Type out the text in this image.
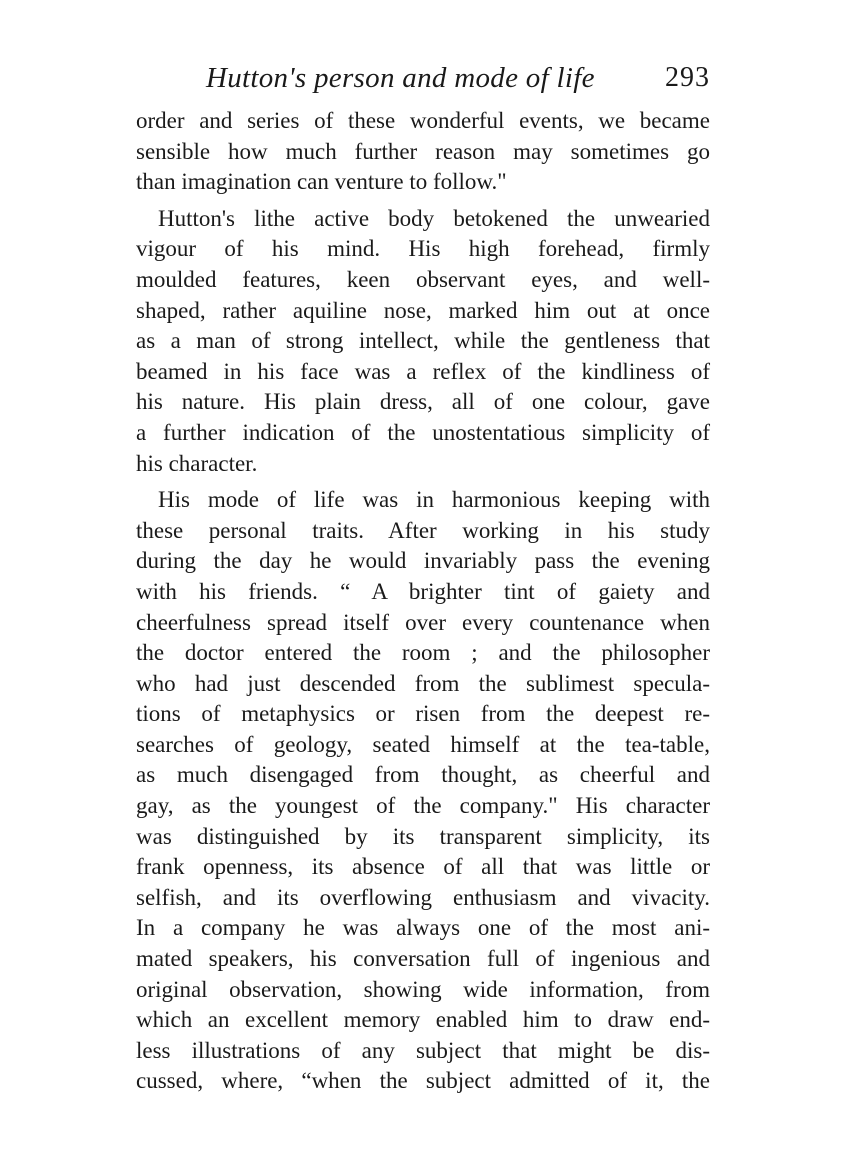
Hutton's person and mode of life	293
order and series of these wonderful events, we became
sensible how much further reason may sometimes go
than imagination can venture to follow."
Hutton's lithe active body betokened the unwearied
vigour of his mind. His high forehead, firmly
moulded features, keen observant eyes, and well-
shaped, rather aquiline nose, marked him out at once
as a man of strong intellect, while the gentleness that
beamed in his face was a reflex of the kindliness of
his nature. His plain dress, all of one colour, gave
a further indication of the unostentatious simplicity of
his character.
His mode of life was in harmonious keeping with
these personal traits. After working in his study
during the day he would invariably pass the evening
with his friends. “ A brighter tint of gaiety and
cheerfulness spread itself over every countenance when
the doctor entered the room ; and the philosopher
who had just descended from the sublimest specula-
tions of metaphysics or risen from the deepest re-
searches of geology, seated himself at the tea-table,
as much disengaged from thought, as cheerful and
gay, as the youngest of the company." His character
was distinguished by its transparent simplicity, its
frank openness, its absence of all that was little or
selfish, and its overflowing enthusiasm and vivacity.
In a company he was always one of the most ani-
mated speakers, his conversation full of ingenious and
original observation, showing wide information, from
which an excellent memory enabled him to draw end-
less illustrations of any subject that might be dis-
cussed, where, “when the subject admitted of it, the
